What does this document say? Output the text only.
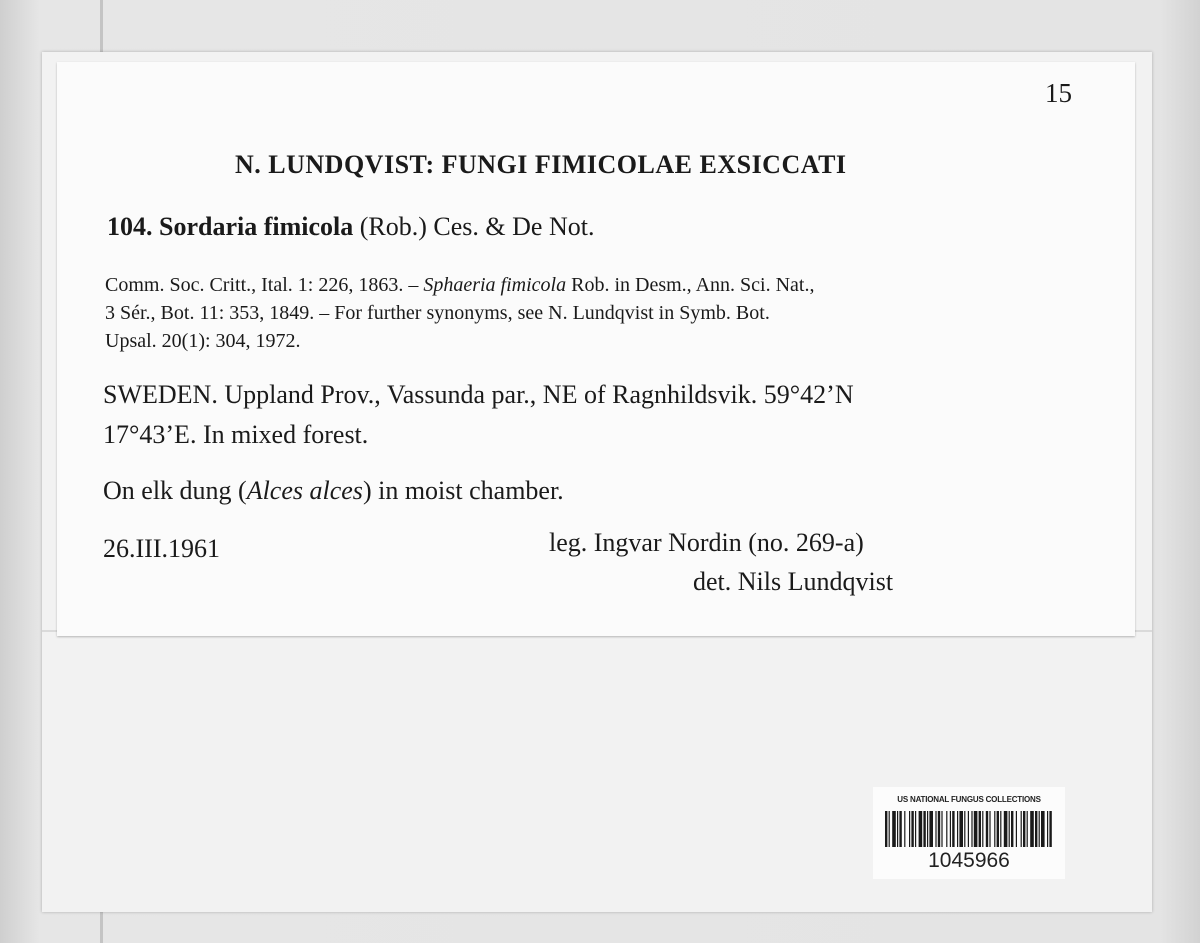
15
N. LUNDQVIST: FUNGI FIMICOLAE EXSICCATI
104. Sordaria fimicola (Rob.) Ces. & De Not.
Comm. Soc. Critt., Ital. 1: 226, 1863. – Sphaeria fimicola Rob. in Desm., Ann. Sci. Nat.,
3 Sér., Bot. 11: 353, 1849. – For further synonyms, see N. Lundqvist in Symb. Bot.
Upsal. 20(1): 304, 1972.
SWEDEN. Uppland Prov., Vassunda par., NE of Ragnhildsvik. 59°42’N
17°43’E. In mixed forest.
On elk dung (Alces alces) in moist chamber.
26.III.1961	leg. Ingvar Nordin (no. 269-a)
det. Nils Lundqvist
US NATIONAL FUNGUS COLLECTIONS
1045966
